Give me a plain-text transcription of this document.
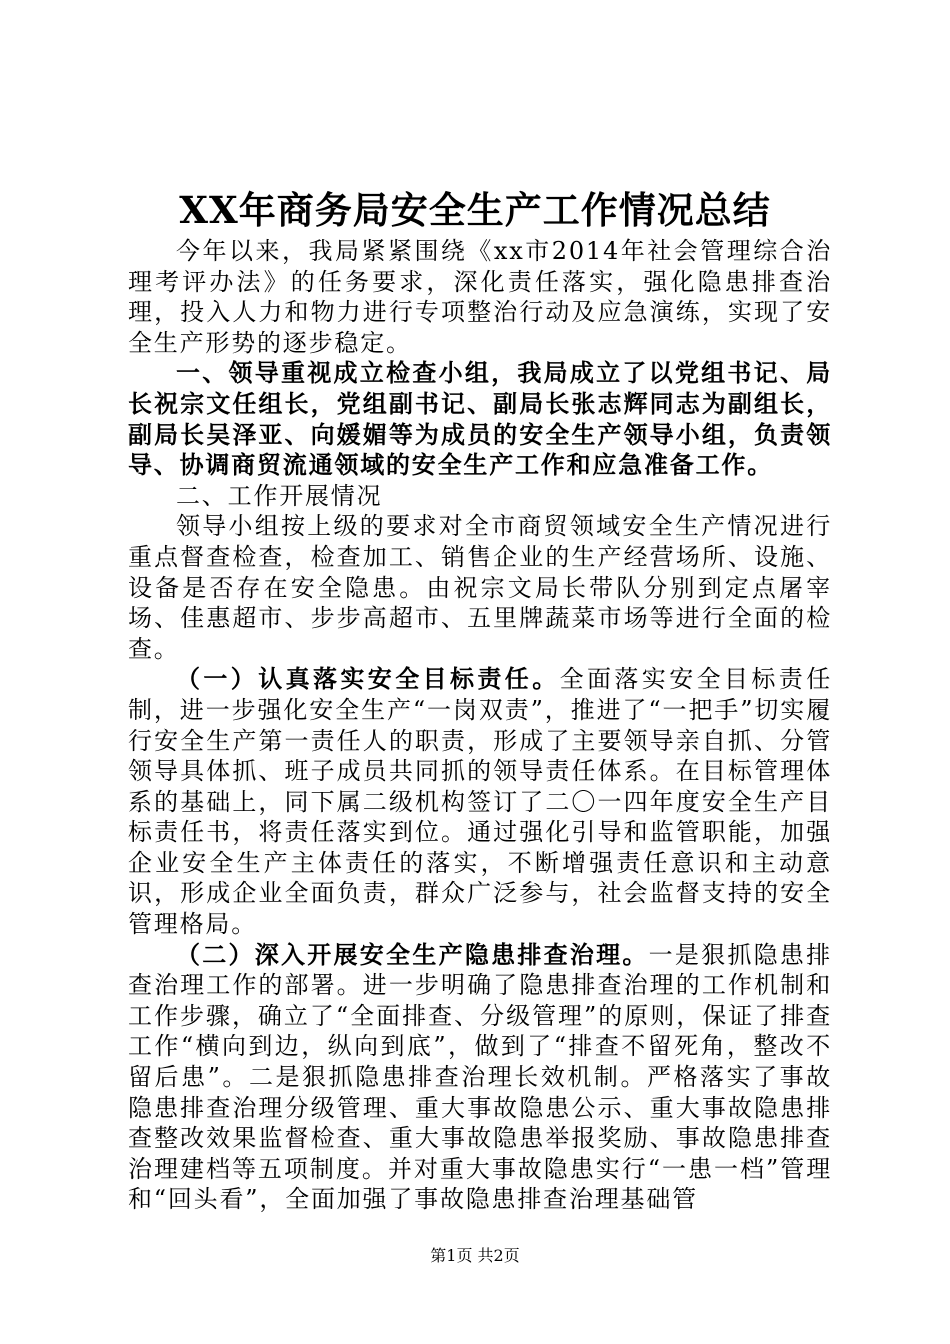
XX年商务局安全生产工作情况总结

今年以来，我局紧紧围绕《xx市2014年社会管理综合治理考评办法》的任务要求，深化责任落实，强化隐患排查治理，投入人力和物力进行专项整治行动及应急演练，实现了安全生产形势的逐步稳定。

一、领导重视成立检查小组，我局成立了以党组书记、局长祝宗文任组长，党组副书记、副局长张志辉同志为副组长，副局长吴泽亚、向媛媚等为成员的安全生产领导小组，负责领导、协调商贸流通领域的安全生产工作和应急准备工作。

二、工作开展情况

领导小组按上级的要求对全市商贸领域安全生产情况进行重点督查检查，检查加工、销售企业的生产经营场所、设施、设备是否存在安全隐患。由祝宗文局长带队分别到定点屠宰场、佳惠超市、步步高超市、五里牌蔬菜市场等进行全面的检查。

（一）认真落实安全目标责任。全面落实安全目标责任制，进一步强化安全生产“一岗双责”，推进了“一把手”切实履行安全生产第一责任人的职责，形成了主要领导亲自抓、分管领导具体抓、班子成员共同抓的领导责任体系。在目标管理体系的基础上，同下属二级机构签订了二〇一四年度安全生产目标责任书，将责任落实到位。通过强化引导和监管职能，加强企业安全生产主体责任的落实，不断增强责任意识和主动意识，形成企业全面负责，群众广泛参与，社会监督支持的安全管理格局。

（二）深入开展安全生产隐患排查治理。一是狠抓隐患排查治理工作的部署。进一步明确了隐患排查治理的工作机制和工作步骤，确立了“全面排查、分级管理”的原则，保证了排查工作“横向到边，纵向到底”，做到了“排查不留死角，整改不留后患”。二是狠抓隐患排查治理长效机制。严格落实了事故隐患排查治理分级管理、重大事故隐患公示、重大事故隐患排查整改效果监督检查、重大事故隐患举报奖励、事故隐患排查治理建档等五项制度。并对重大事故隐患实行“一患一档”管理和“回头看”，全面加强了事故隐患排查治理基础管

第1页 共2页
